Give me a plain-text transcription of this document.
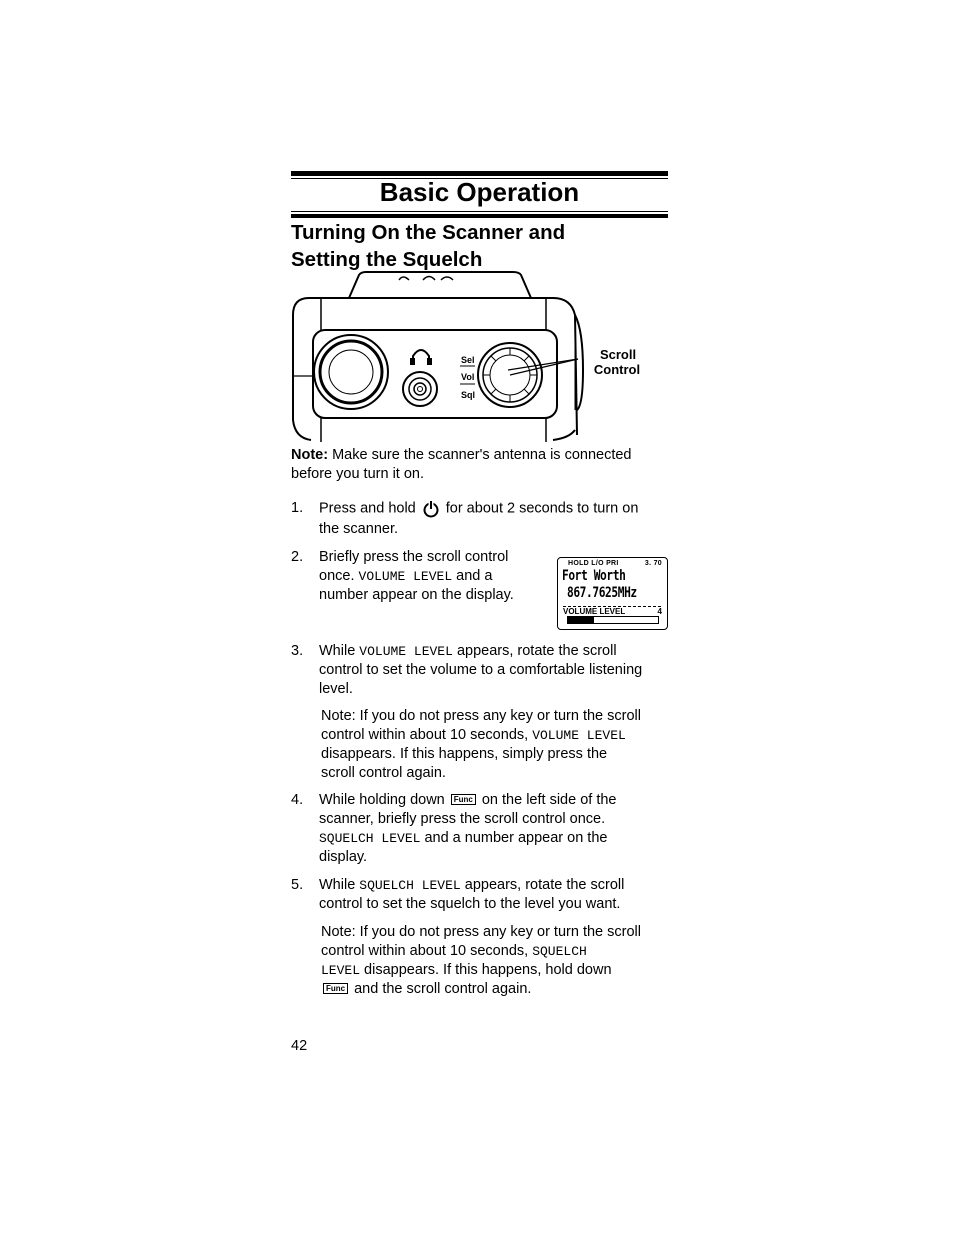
Basic Operation
Turning On the Scanner and
Setting the Squelch
Sel
Vol
Sql
Scroll
Control
Note: Make sure the scanner's antenna is connected
before you turn it on.
1. Press and hold for about 2 seconds to turn on
the scanner.
2. Briefly press the scroll control
once. VOLUME LEVEL and a
number appear on the display.
HOLD L/O PRI	3. 70
Fort Worth
867.7625MHz
VOLUME LEVEL	4
3. While VOLUME LEVEL appears, rotate the scroll
control to set the volume to a comfortable listening
level.
Note: If you do not press any key or turn the scroll
control within about 10 seconds, VOLUME LEVEL
disappears. If this happens, simply press the
scroll control again.
4. While holding down Func on the left side of the
scanner, briefly press the scroll control once.
SQUELCH LEVEL and a number appear on the
display.
5. While SQUELCH LEVEL appears, rotate the scroll
control to set the squelch to the level you want.
Note: If you do not press any key or turn the scroll
control within about 10 seconds, SQUELCH
LEVEL disappears. If this happens, hold down
Func and the scroll control again.
42
